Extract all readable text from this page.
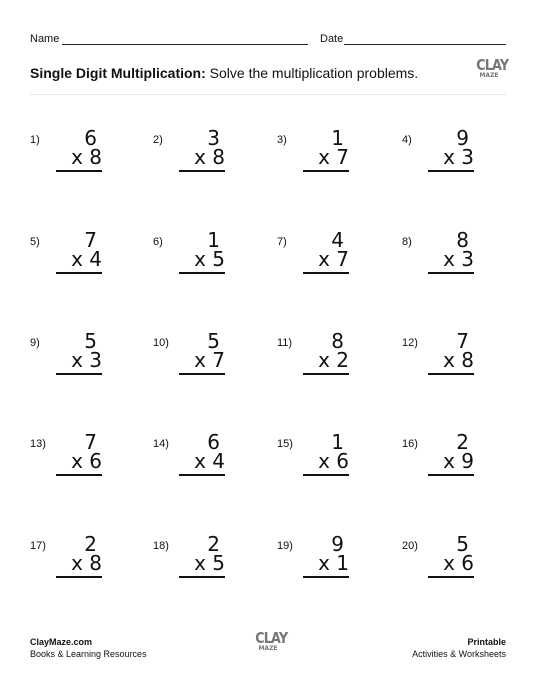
Name	Date
Single Digit Multiplication: Solve the multiplication problems.	CLAY
MAZE
1)	6
x 8
2)	3
x 8
3)	1
x 7
4)	9
x 3
5)	7
x 4
6)	1
x 5
7)	4
x 7
8)	8
x 3
9)	5
x 3
10)	5
x 7
11)	8
x 2
12)	7
x 8
13)	7
x 6
14)	6
x 4
15)	1
x 6
16)	2
x 9
17)	2
x 8
18)	2
x 5
19)	9
x 1
20)	5
x 6
ClayMaze.com
Books & Learning Resources
CLAY
MAZE
Printable
Activities & Worksheets
